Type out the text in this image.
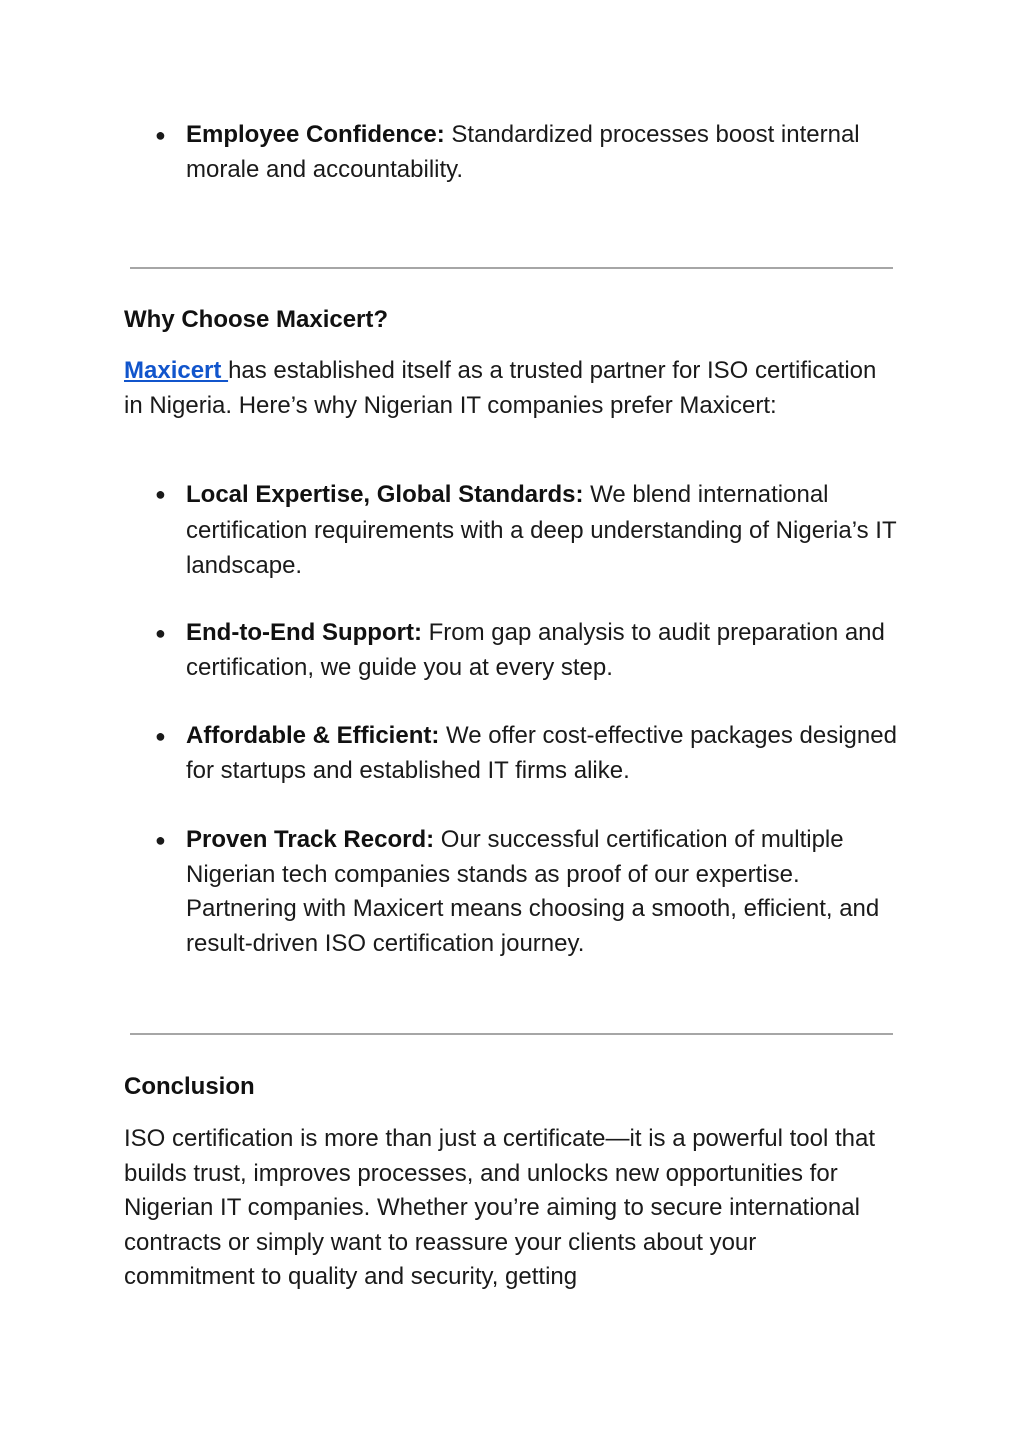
● Employee Confidence: Standardized processes boost internal morale and accountability.
Why Choose Maxicert?

Maxicert has established itself as a trusted partner for ISO certification in Nigeria. Here’s why Nigerian IT companies prefer Maxicert:

● Local Expertise, Global Standards: We blend international certification requirements with a deep understanding of Nigeria’s IT landscape.
● End-to-End Support: From gap analysis to audit preparation and certification, we guide you at every step.
● Affordable & Efficient: We offer cost-effective packages designed for startups and established IT firms alike.
● Proven Track Record: Our successful certification of multiple Nigerian tech companies stands as proof of our expertise. Partnering with Maxicert means choosing a smooth, efficient, and result-driven ISO certification journey.
Conclusion

ISO certification is more than just a certificate—it is a powerful tool that builds trust, improves processes, and unlocks new opportunities for Nigerian IT companies. Whether you’re aiming to secure international contracts or simply want to reassure your clients about your commitment to quality and security, getting
